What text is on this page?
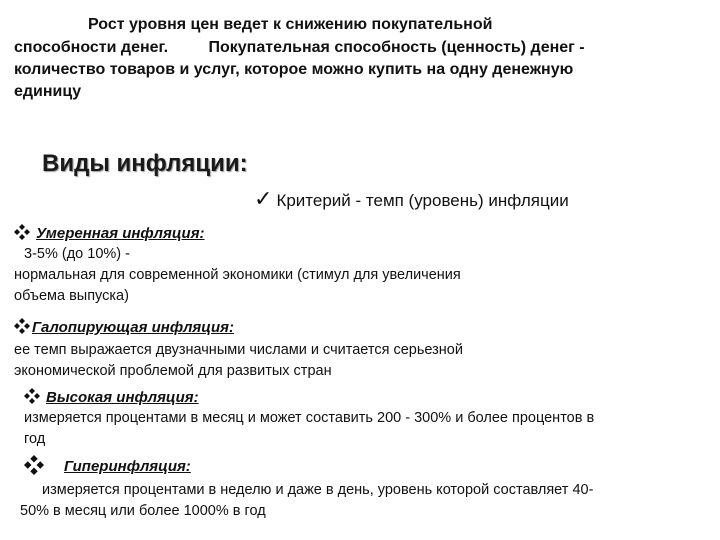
Рост уровня цен ведет к снижению покупательной
способности денег.	Покупательная способность (ценность) денег -
количество товаров и услуг, которое можно купить на одну денежную
единицу
Виды инфляции:
✓ Критерий - темп (уровень) инфляции
Умеренная инфляция:
3-5% (до 10%) -
нормальная для современной экономики (стимул для увеличения
объема выпуска)
Галопирующая инфляция:
ее темп выражается двузначными числами и считается серьезной
экономической проблемой для развитых стран
Высокая инфляция:
измеряется процентами в месяц и может составить 200 - 300% и более процентов в
год
Гиперинфляция:
измеряется процентами в неделю и даже в день, уровень которой составляет 40-
50% в месяц или более 1000% в год
